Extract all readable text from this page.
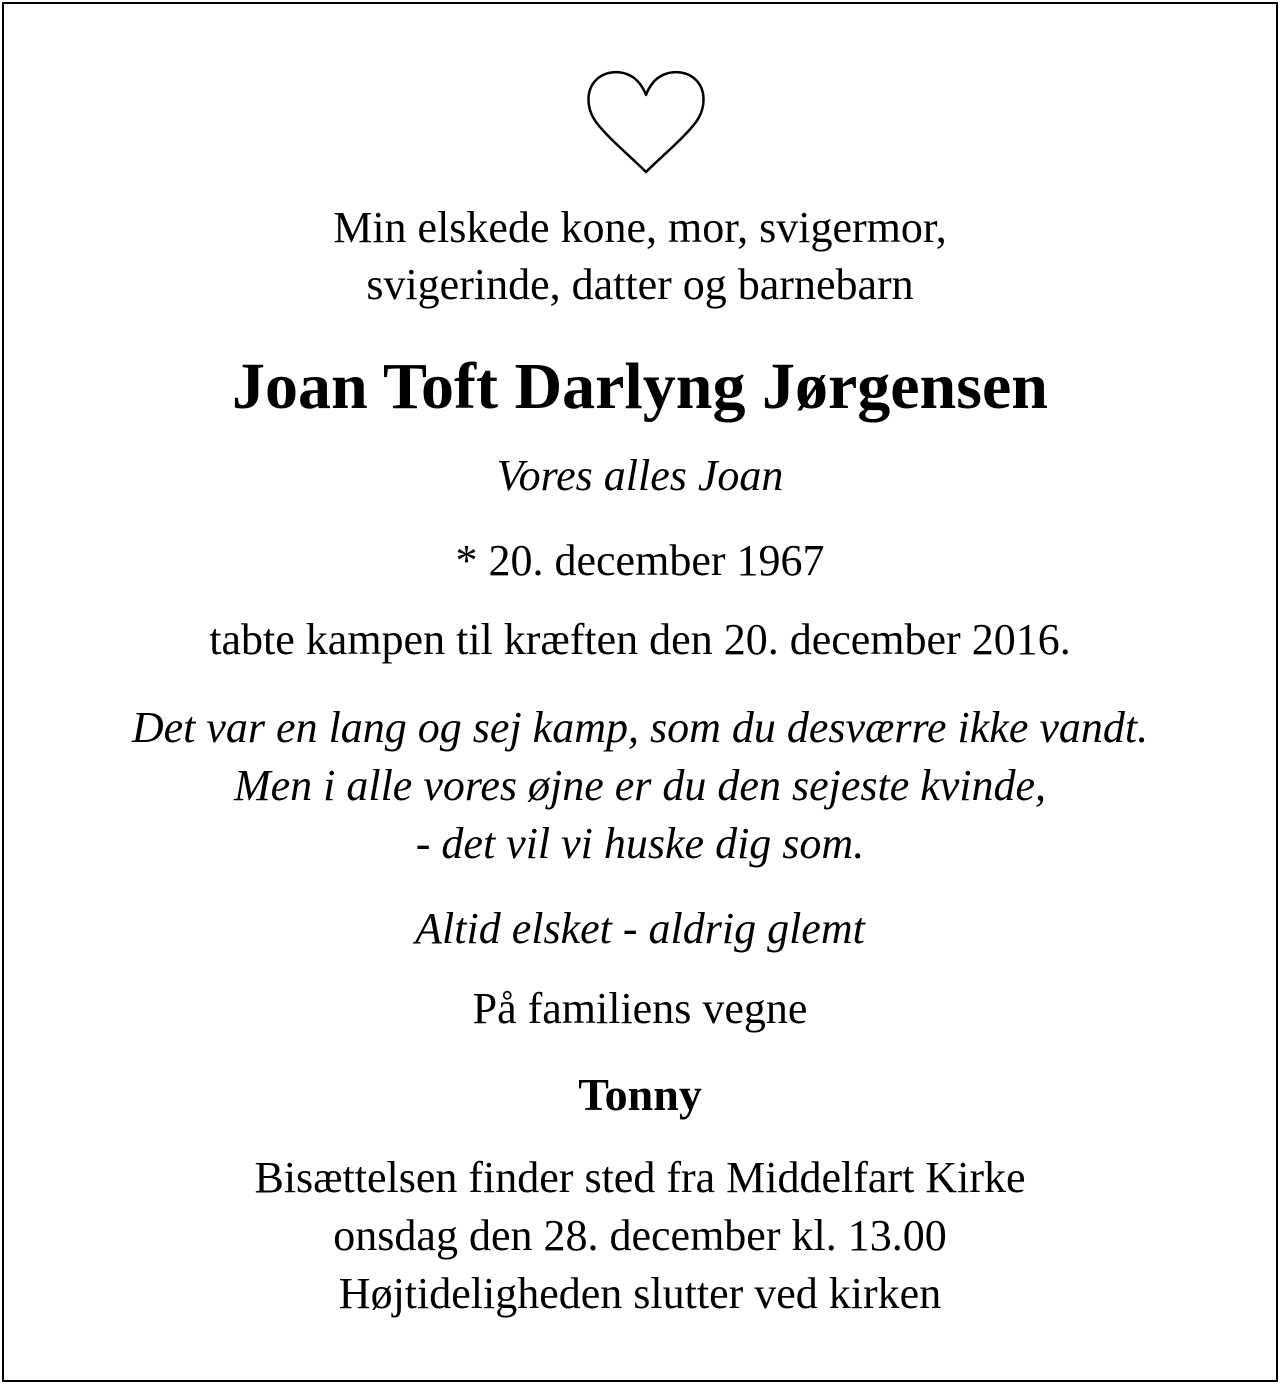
Min elskede kone, mor, svigermor,
svigerinde, datter og barnebarn
Joan Toft Darlyng Jørgensen
Vores alles Joan
* 20. december 1967
tabte kampen til kræften den 20. december 2016.
Det var en lang og sej kamp, som du desværre ikke vandt.
Men i alle vores øjne er du den sejeste kvinde,
- det vil vi huske dig som.
Altid elsket - aldrig glemt
På familiens vegne
Tonny
Bisættelsen finder sted fra Middelfart Kirke
onsdag den 28. december kl. 13.00
Højtideligheden slutter ved kirken
